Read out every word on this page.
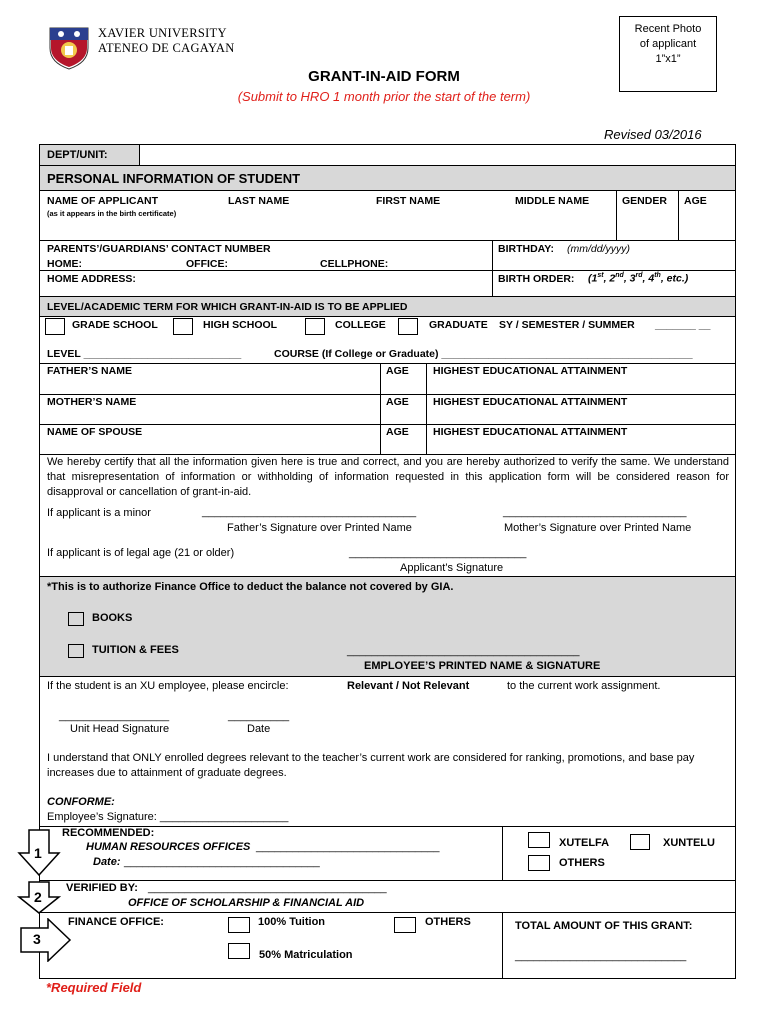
XAVIER UNIVERSITY
ATENEO DE CAGAYAN
Recent Photo
of applicant
1”x1”
GRANT-IN-AID FORM
(Submit to HRO 1 month prior the start of the term)
Revised 03/2016
DEPT/UNIT:
PERSONAL INFORMATION OF STUDENT
NAME OF APPLICANT
(as it appears in the birth certificate)
LAST NAME	FIRST NAME	MIDDLE NAME	GENDER AGE
PARENTS’/GUARDIANS’ CONTACT NUMBER
HOME:	OFFICE:	CELLPHONE:
BIRTHDAY: (mm/dd/yyyy)
HOME ADDRESS:	BIRTH ORDER: (1st, 2nd, 3rd, 4th, etc.)
LEVEL/ACADEMIC TERM FOR WHICH GRANT-IN-AID IS TO BE APPLIED
GRADE SCHOOL	HIGH SCHOOL	COLLEGE	GRADUATE SY / SEMESTER / SUMMER _______ __
LEVEL ___________________________	COURSE (If College or Graduate) ___________________________________________
FATHER’S NAME	AGE HIGHEST EDUCATIONAL ATTAINMENT
MOTHER’S NAME	AGE HIGHEST EDUCATIONAL ATTAINMENT
NAME OF SPOUSE	AGE HIGHEST EDUCATIONAL ATTAINMENT
We hereby certify that all the information given here is true and correct, and you are hereby authorized to verify the same. We understand that misrepresentation of information or withholding of information requested in this application form will be considered reason for disapproval or cancellation of grant-in-aid.
If applicant is a minor	___________________________________
Father’s Signature over Printed Name
______________________________
Mother’s Signature over Printed Name
If applicant is of legal age (21 or older)	_____________________________
Applicant’s Signature
*This is to authorize Finance Office to deduct the balance not covered by GIA.
BOOKS
TUITION & FEES	______________________________________
EMPLOYEE’S PRINTED NAME & SIGNATURE
If the student is an XU employee, please encircle:	Relevant / Not Relevant	to the current work assignment.
__________________
Unit Head Signature
__________
Date
I understand that ONLY enrolled degrees relevant to the teacher’s current work are considered for ranking, promotions, and base pay increases due to attainment of graduate degrees.
CONFORME:
Employee’s Signature: _____________________
RECOMMENDED:
HUMAN RESOURCES OFFICES ______________________________
Date: ________________________________
XUTELFA	XUNTELU
OTHERS
VERIFIED BY: _______________________________________
OFFICE OF SCHOLARSHIP & FINANCIAL AID
FINANCE OFFICE:	100% Tuition	OTHERS
50% Matriculation
TOTAL AMOUNT OF THIS GRANT:
____________________________
1
2
3
*Required Field
